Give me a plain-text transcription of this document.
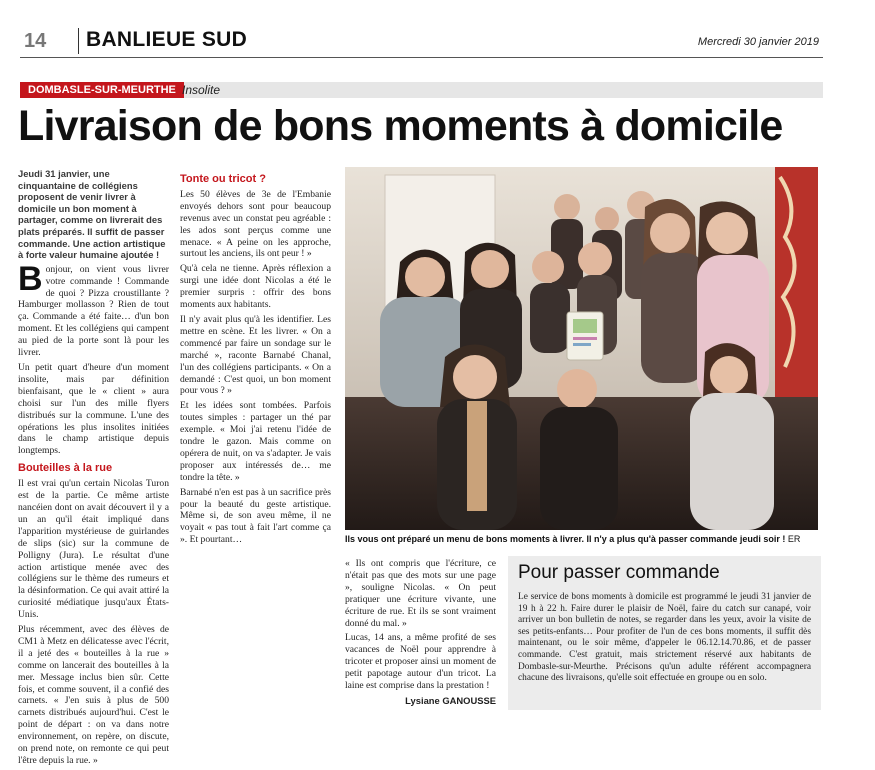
14 BANLIEUE SUD	Mercredi 30 janvier 2019
DOMBASLE-SUR-MEURTHE Insolite
Livraison de bons moments à domicile

Jeudi 31 janvier, une cinquantaine de collégiens proposent de venir livrer à domicile un bon moment à partager, comme on livrerait des plats préparés. Il suffit de passer commande. Une action artistique à forte valeur humaine ajoutée !

Bonjour, on vient vous livrer votre commande ! Commande de quoi ? Pizza croustillante ? Hamburger mollasson ? Rien de tout ça. Commande a été faite… d'un bon moment. Et les collégiens qui campent au pied de la porte sont là pour les livrer.

Un petit quart d'heure d'un moment insolite, mais par définition bienfaisant, que le « client » aura choisi sur l'un des mille flyers distribués sur la commune. L'une des opérations les plus insolites initiées dans le champ artistique depuis longtemps.

Bouteilles à la rue

Il est vrai qu'un certain Nicolas Turon est de la partie. Ce même artiste nancéien dont on avait découvert il y a un an qu'il était impliqué dans l'apparition mystérieuse de guirlandes de slips (sic) sur la commune de Polligny (Jura). Le résultat d'une action artistique menée avec des collégiens sur le thème des rumeurs et la désinformation. Ce qui avait attiré la curiosité médiatique jusqu'aux États-Unis.

Plus récemment, avec des élèves de CM1 à Metz en délicatesse avec l'écrit, il a jeté des « bouteilles à la rue » comme on lancerait des bouteilles à la mer. Message inclus bien sûr. Cette fois, et comme souvent, il a confié des carnets. « J'en suis à plus de 500 carnets distribués aujourd'hui. C'est le point de départ : on va dans notre environnement, on repère, on discute, on prend note, on remonte ce qui peut l'être depuis la rue. »

Tonte ou tricot ?

Les 50 élèves de 3e de l'Embanie envoyés dehors sont pour beaucoup revenus avec un constat peu agréable : les ados sont perçus comme une menace. « A peine on les approche, surtout les anciens, ils ont peur ! »

Qu'à cela ne tienne. Après réflexion a surgi une idée dont Nicolas a été le premier surpris : offrir des bons moments aux habitants.

Il n'y avait plus qu'à les identifier. Les mettre en scène. Et les livrer. « On a commencé par faire un sondage sur le marché », raconte Barnabé Chanal, l'un des collégiens participants. « On a demandé : C'est quoi, un bon moment pour vous ? »

Et les idées sont tombées. Parfois toutes simples : partager un thé par exemple. « Moi j'ai retenu l'idée de tondre le gazon. Mais comme on opérera de nuit, on va s'adapter. Je vais proposer aux intéressés de… me tondre la tête. »

Barnabé n'en est pas à un sacrifice près pour la beauté du geste artistique. Même si, de son aveu même, il ne voyait « pas tout à fait l'art comme ça ». Et pourtant…

« Ils ont compris que l'écriture, ce n'était pas que des mots sur une page », souligne Nicolas. « On peut pratiquer une écriture vivante, une écriture de rue. Et ils se sont vraiment donné du mal. »

Lucas, 14 ans, a même profité de ses vacances de Noël pour apprendre à tricoter et proposer ainsi un moment de petit papotage autour d'un tricot. La laine est comprise dans la prestation !

Lysiane GANOUSSE

Ils vous ont préparé un menu de bons moments à livrer. Il n'y a plus qu'à passer commande jeudi soir ! ER
Pour passer commande

Le service de bons moments à domicile est programmé le jeudi 31 janvier de 19 h à 22 h. Faire durer le plaisir de Noël, faire du catch sur canapé, voir arriver un bon bulletin de notes, se regarder dans les yeux, avoir la visite de ses petits-enfants… Pour profiter de l'un de ces bons moments, il suffit dès maintenant, ou le soir même, d'appeler le 06.12.14.70.86, et de passer commande. C'est gratuit, mais strictement réservé aux habitants de Dombasle-sur-Meurthe. Précisons qu'un adulte référent accompagnera chacune des livraisons, qu'elle soit effectuée en groupe ou en solo.
